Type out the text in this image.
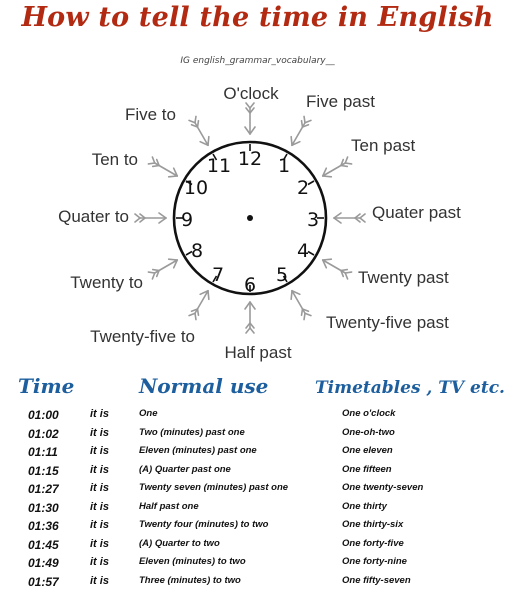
How to tell the time in English
IG english_grammar_vocabulary__
12 1
2
3
4
5
6
7
8
9
10
11
O'clock Five past
Ten past
Quater past
Twenty past
Twenty-five past
Half past
Twenty-five to
Twenty to
Quater to
Ten to
Five to
Time	Normal use	Timetables , TV etc.
01:00	it is	One	One o'clock
01:02	it is	Two (minutes) past one	One-oh-two
01:11	it is	Eleven (minutes) past one	One eleven
01:15	it is	(A) Quarter past one	One fifteen
01:27	it is	Twenty seven (minutes) past one	One twenty-seven
01:30	it is	Half past one	One thirty
01:36	it is	Twenty four (minutes) to two	One thirty-six
01:45	it is	(A) Quarter to two	One forty-five
01:49	it is	Eleven (minutes) to two	One forty-nine
01:57	it is	Three (minutes) to two	One fifty-seven
